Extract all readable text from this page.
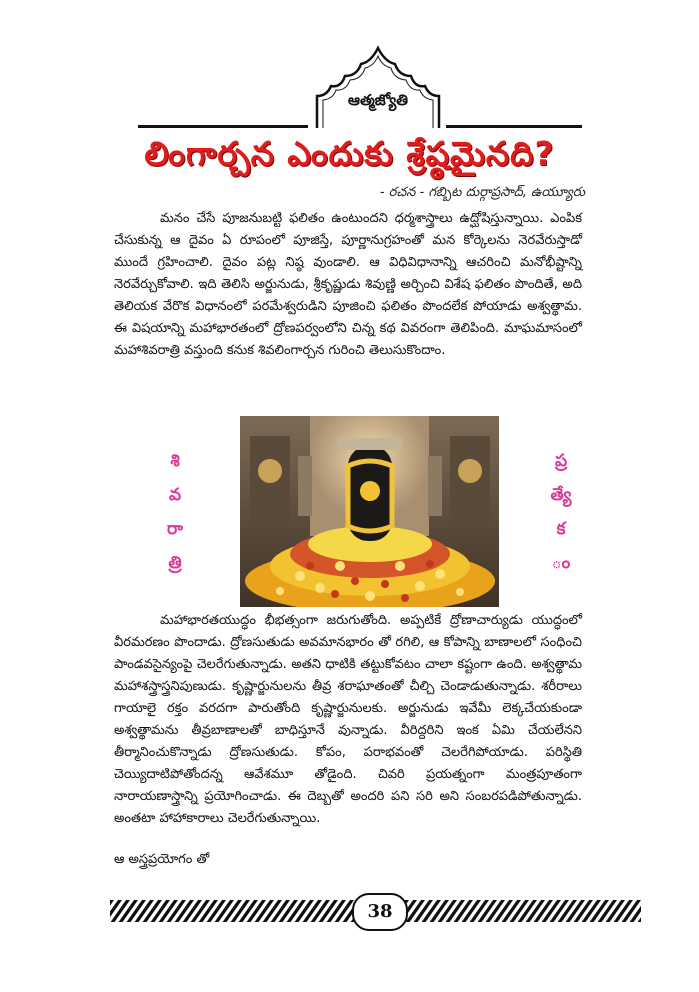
ఆత్మజ్యోతి
లింగార్చన ఎందుకు శ్రేష్ఠమైనది?
- రచన - గబ్బిట దుర్గాప్రసాద్, ఉయ్యూరు
మనం చేసే పూజనుబట్టి ఫలితం ఉంటుందని ధర్మశాస్త్రాలు ఉద్ఘోషిస్తున్నాయి. ఎంపిక చేసుకున్న ఆ దైవం ఏ రూపంలో పూజిస్తే, పూర్ణానుగ్రహంతో మన కోర్కెలను నెరవేరుస్తాడో ముందే గ్రహించాలి. దైవం పట్ల నిష్ఠ వుండాలి. ఆ విధివిధానాన్ని ఆచరించి మనోభీష్టాన్ని నెరవేర్చుకోవాలి. ఇది తెలిసి అర్జునుడు, శ్రీకృష్ణుడు శివుణ్ణి అర్చించి విశేష ఫలితం పొందితే, అది తెలియక వేరొక విధానంలో పరమేశ్వరుడిని పూజించి ఫలితం పొందలేక పోయాడు అశ్వత్థామ. ఈ విషయాన్ని మహాభారతంలో ద్రోణపర్వంలోని చిన్న కథ వివరంగా తెలిపింది. మాఘమాసంలో మహాశివరాత్రి వస్తుంది కనుక శివలింగార్చన గురించి తెలుసుకొందాం.
శి
వ
రా
త్రి
ప్ర
త్యే
క
ం
మహాభారతయుద్ధం భీభత్సంగా జరుగుతోంది. అప్పటికే ద్రోణాచార్యుడు యుద్ధంలో వీరమరణం పొందాడు. ద్రోణసుతుడు అవమానభారం తో రగిలి, ఆ కోపాన్ని బాణాలలో సంధించి పాండవసైన్యంపై చెలరేగుతున్నాడు. అతని ధాటికి తట్టుకోవటం చాలా కష్టంగా ఉంది. అశ్వత్థామ మహాశస్త్రాస్త్రనిపుణుడు. కృష్ణార్జునులను తీవ్ర శరాఘాతంతో చీల్చి చెండాడుతున్నాడు. శరీరాలు గాయాలై రక్తం వరదగా పారుతోంది కృష్ణార్జునులకు. అర్జునుడు ఇవేమీ లెక్కచేయకుండా అశ్వత్థామను తీవ్రబాణాలతో బాధిస్తూనే వున్నాడు. వీరిద్దరిని ఇంక ఏమి చేయలేనని తీర్మానించుకొన్నాడు ద్రోణసుతుడు. కోపం, పరాభవంతో చెలరేగిపోయాడు. పరిస్థితి చెయ్యిదాటిపోతోందన్న ఆవేశమూ తోడైంది. చివరి ప్రయత్నంగా మంత్రపూతంగా నారాయణాస్త్రాన్ని ప్రయోగించాడు. ఈ దెబ్బతో అందరి పని సరి అని సంబరపడిపోతున్నాడు. అంతటా హాహాకారాలు చెలరేగుతున్నాయి.
ఆ అస్త్రప్రయోగం తో
38
